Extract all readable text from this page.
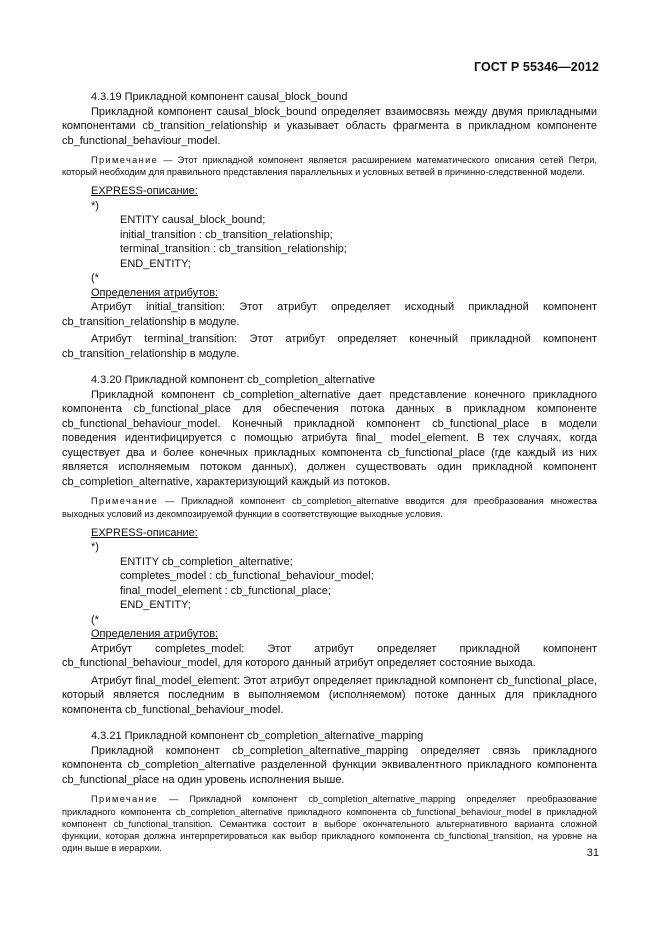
ГОСТ Р 55346—2012

4.3.19 Прикладной компонент causal_block_bound

Прикладной компонент causal_block_bound определяет взаимосвязь между двумя прикладными компонентами cb_transition_relationship и указывает область фрагмента в прикладном компоненте cb_functional_behaviour_model.

Примечание — Этот прикладной компонент является расширением математического описания сетей Петри, который необходим для правильного представления параллельных и условных ветвей в причинно-следственной модели.

EXPRESS-описание:

*)

ENTITY causal_block_bound;

initial_transition : cb_transition_relationship;

terminal_transition : cb_transition_relationship;

END_ENTITY;

(*

Определения атрибутов:

Атрибут initial_transition: Этот атрибут определяет исходный прикладной компонент cb_transition_relationship в модуле.

Атрибут terminal_transition: Этот атрибут определяет конечный прикладной компонент cb_transition_relationship в модуле.

4.3.20 Прикладной компонент cb_completion_alternative

Прикладной компонент cb_completion_alternative дает представление конечного прикладного компонента cb_functional_place для обеспечения потока данных в прикладном компоненте cb_functional_behaviour_model. Конечный прикладной компонент cb_functional_place в модели поведения идентифицируется с помощью атрибута final_ model_element. В тех случаях, когда существует два и более конечных прикладных компонента cb_functional_place (где каждый из них является исполняемым потоком данных), должен существовать один прикладной компонент cb_completion_alternative, характеризующий каждый из потоков.

Примечание — Прикладной компонент cb_completion_alternative вводится для преобразования множества выходных условий из декомпозируемой функции в соответствующие выходные условия.

EXPRESS-описание:

*)

ENTITY cb_completion_alternative;

completes_model : cb_functional_behaviour_model;

final_model_element : cb_functional_place;

END_ENTITY;

(*

Определения атрибутов:

Атрибут completes_model: Этот атрибут определяет прикладной компонент cb_functional_behaviour_model, для которого данный атрибут определяет состояние выхода.

Атрибут final_model_element: Этот атрибут определяет прикладной компонент cb_functional_place, который является последним в выполняемом (исполняемом) потоке данных для прикладного компонента cb_functional_behaviour_model.

4.3.21 Прикладной компонент cb_completion_alternative_mapping

Прикладной компонент cb_completion_alternative_mapping определяет связь прикладного компонента cb_completion_alternative разделенной функции эквивалентного прикладного компонента cb_functional_place на один уровень исполнения выше.

Примечание — Прикладной компонент cb_completion_alternative_mapping определяет преобразование прикладного компонента cb_completion_alternative прикладного компонента cb_functional_behaviour_model в прикладной компонент cb_functional_transition. Семантика состоит в выборе окончательного альтернативного варианта сложной функции, которая должна интерпретироваться как выбор прикладного компонента cb_functional_transition, на уровне на один выше в иерархии.	31
